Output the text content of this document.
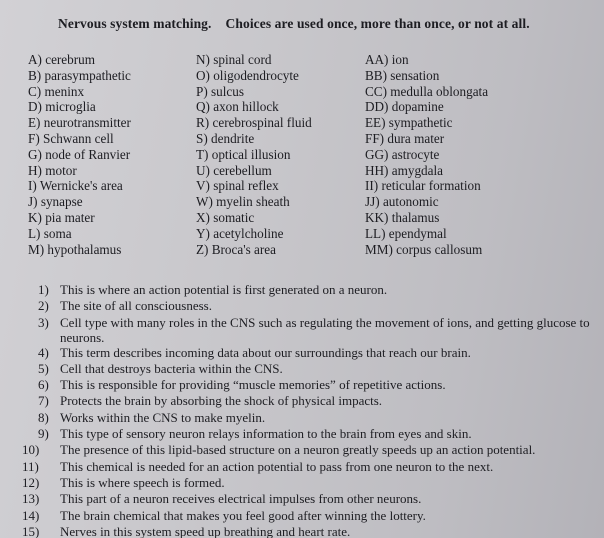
Nervous system matching. Choices are used once, more than once, or not at all.
A) cerebrum
B) parasympathetic
C) meninx
D) microglia
E) neurotransmitter
F) Schwann cell
G) node of Ranvier
H) motor
I) Wernicke's area
J) synapse
K) pia mater
L) soma
M) hypothalamus
N) spinal cord
O) oligodendrocyte
P) sulcus
Q) axon hillock
R) cerebrospinal fluid
S) dendrite
T) optical illusion
U) cerebellum
V) spinal reflex
W) myelin sheath
X) somatic
Y) acetylcholine
Z) Broca's area
AA) ion
BB) sensation
CC) medulla oblongata
DD) dopamine
EE) sympathetic
FF) dura mater
GG) astrocyte
HH) amygdala
II) reticular formation
JJ) autonomic
KK) thalamus
LL) ependymal
MM) corpus callosum
1) This is where an action potential is first generated on a neuron.
2) The site of all consciousness.
3) Cell type with many roles in the CNS such as regulating the movement of ions, and getting glucose to neurons.
4) This term describes incoming data about our surroundings that reach our brain.
5) Cell that destroys bacteria within the CNS.
6) This is responsible for providing “muscle memories” of repetitive actions.
7) Protects the brain by absorbing the shock of physical impacts.
8) Works within the CNS to make myelin.
9) This type of sensory neuron relays information to the brain from eyes and skin.
10)	The presence of this lipid-based structure on a neuron greatly speeds up an action potential.
11)	This chemical is needed for an action potential to pass from one neuron to the next.
12)	This is where speech is formed.
13)	This part of a neuron receives electrical impulses from other neurons.
14)	The brain chemical that makes you feel good after winning the lottery.
15)	Nerves in this system speed up breathing and heart rate.
